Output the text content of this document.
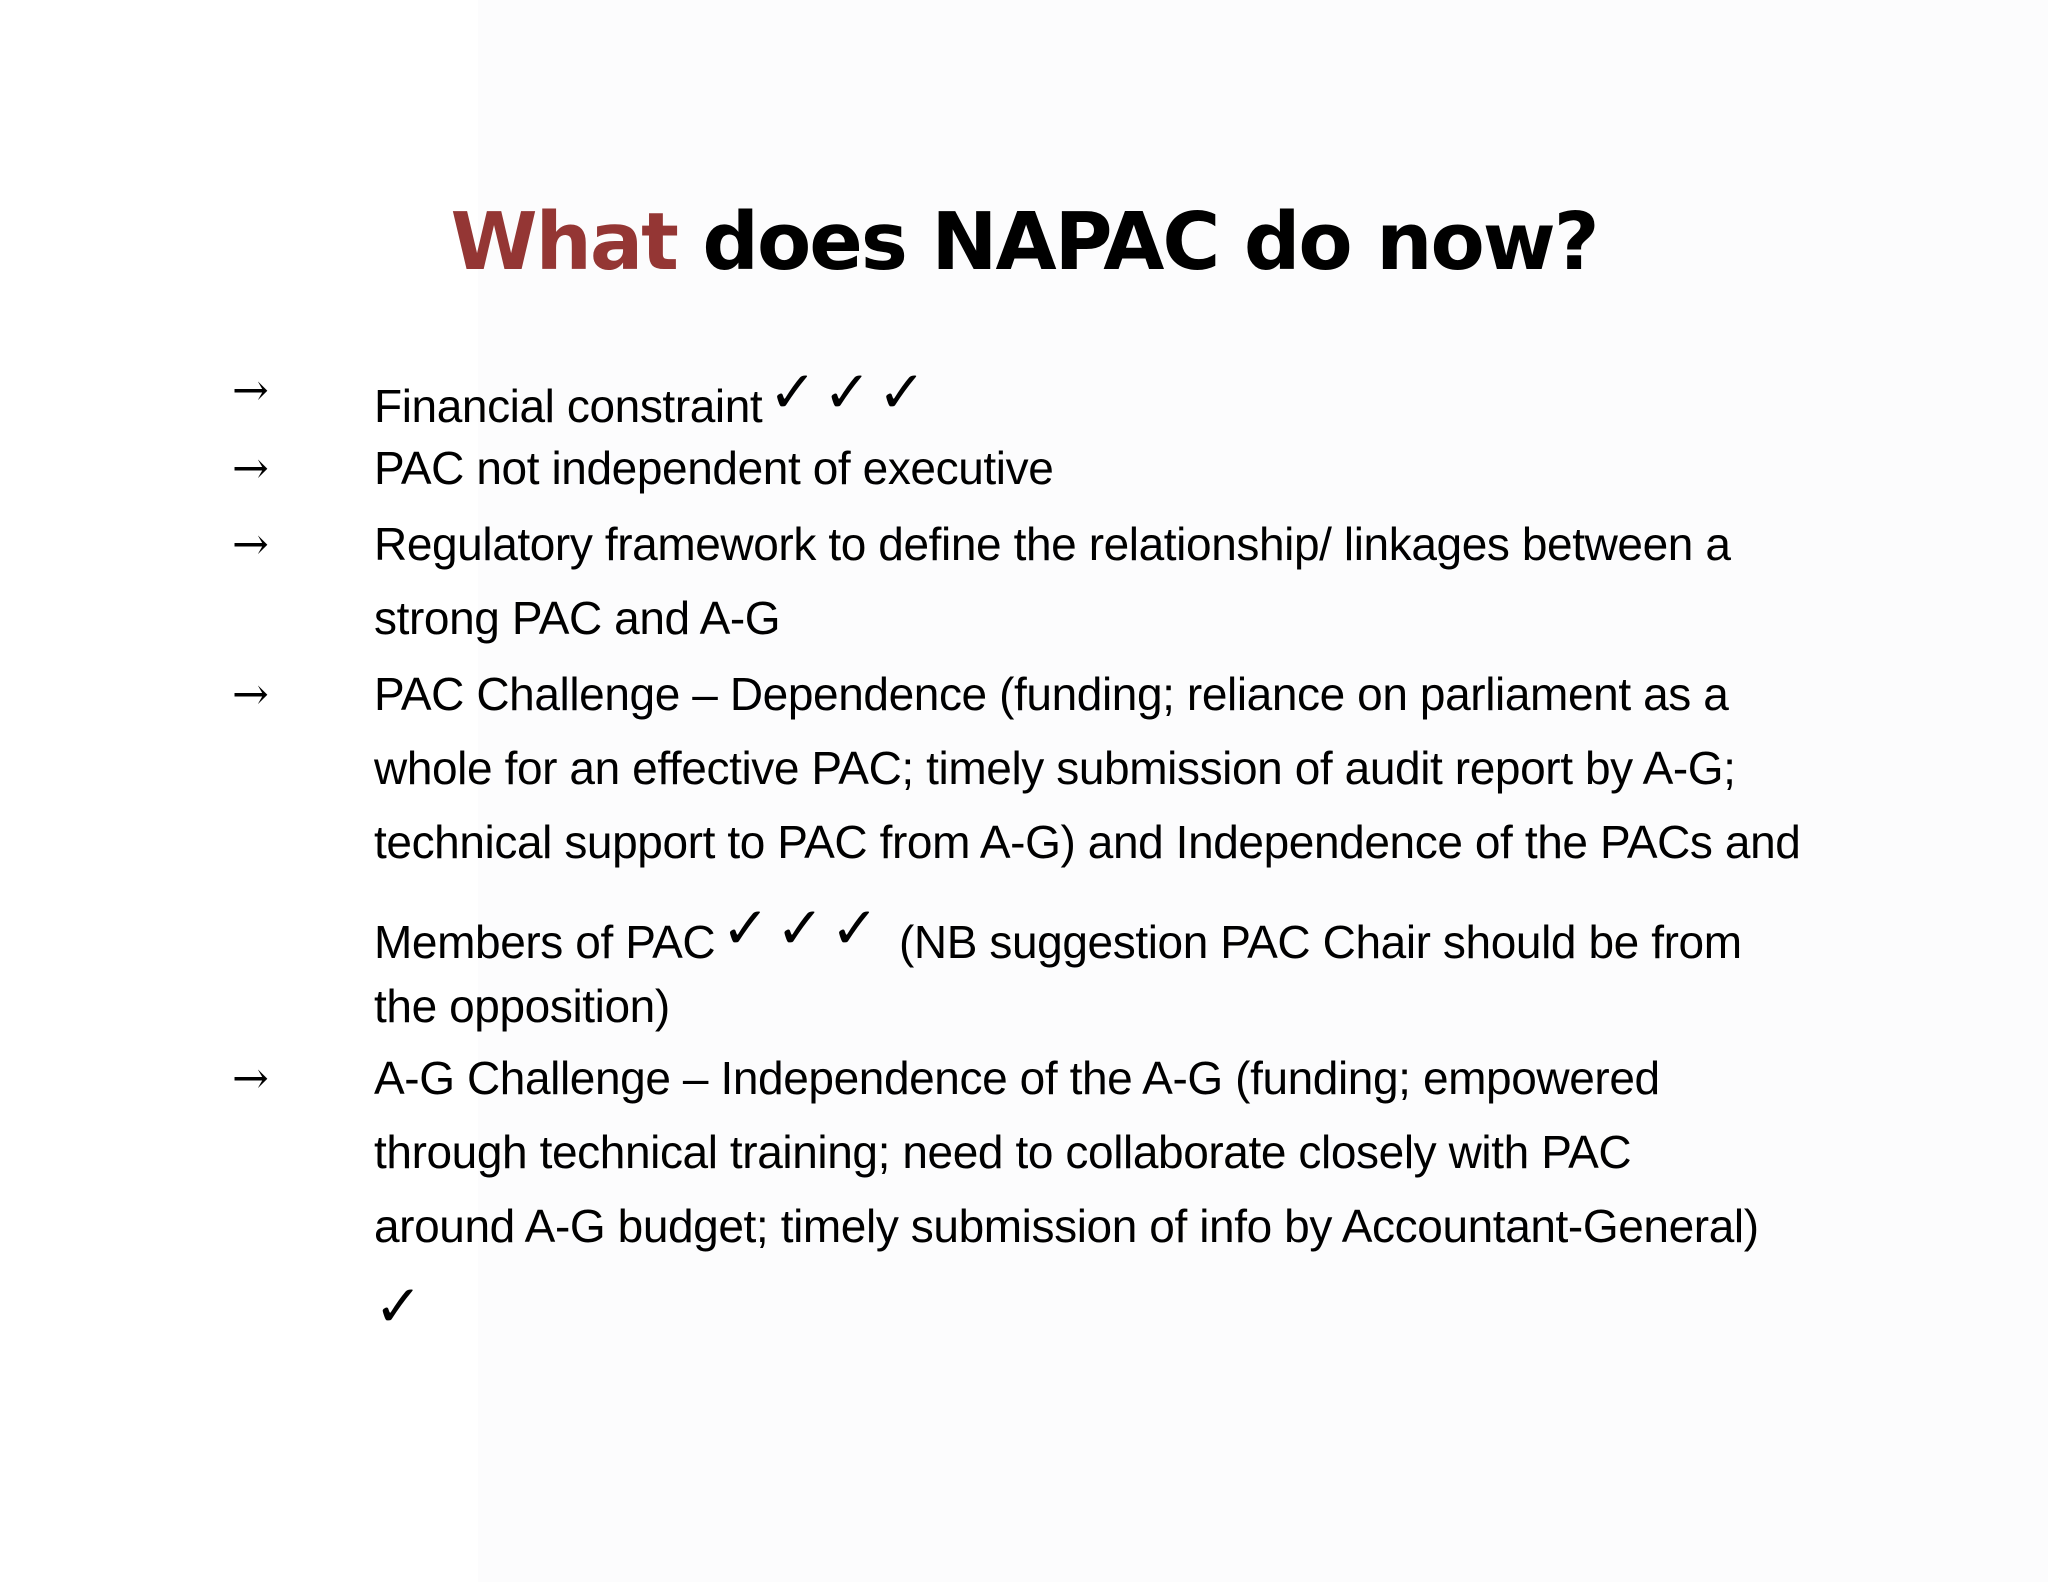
What does NAPAC do now?
→	Financial constraint ✓✓✓
→	PAC not independent of executive
→	Regulatory framework to define the relationship/ linkages between a
strong PAC and A-G
→	PAC Challenge – Dependence (funding; reliance on parliament as a
whole for an effective PAC; timely submission of audit report by A-G;
technical support to PAC from A-G) and Independence of the PACs and
Members of PAC ✓✓✓ (NB suggestion PAC Chair should be from
the opposition)
→	A-G Challenge – Independence of the A-G (funding; empowered
through technical training; need to collaborate closely with PAC
around A-G budget; timely submission of info by Accountant-General)
✓
